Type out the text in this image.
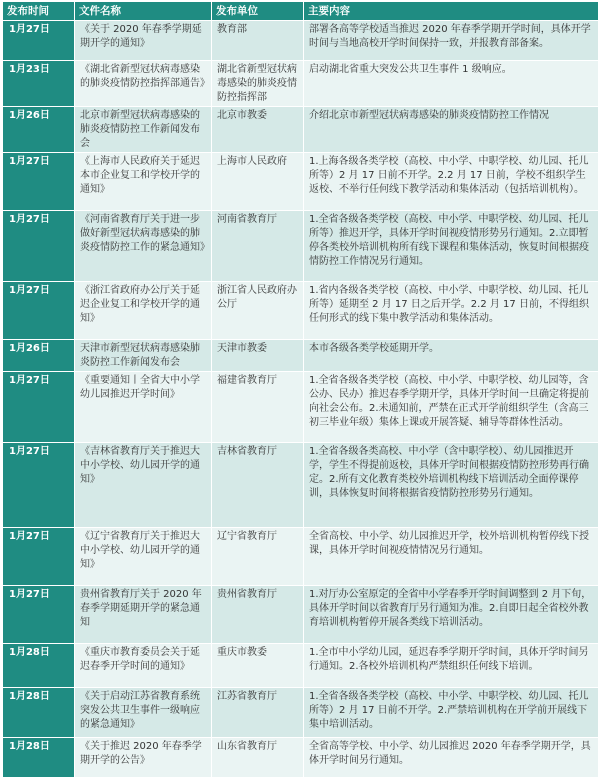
发布时间	文件名称	发布单位	主要内容
1月27日	《关于 2020 年春季学期延期开学的通知》	教育部	部署各高等学校适当推迟 2020 年春季学期开学时间，具体开学时间与当地高校开学时间保持一致，并报教育部备案。
1月23日	《湖北省新型冠状病毒感染的肺炎疫情防控指挥部通告》	湖北省新型冠状病毒感染的肺炎疫情防控指挥部	启动湖北省重大突发公共卫生事件 1 级响应。
1月26日	北京市新型冠状病毒感染的肺炎疫情防控工作新闻发布会	北京市教委	介绍北京市新型冠状病毒感染的肺炎疫情防控工作情况
1月27日	《上海市人民政府关于延迟本市企业复工和学校开学的通知》	上海市人民政府	1.上海各级各类学校（高校、中小学、中职学校、幼儿园、托儿所等）2 月 17 日前不开学。2.2 月 17 日前，学校不组织学生返校、不举行任何线下教学活动和集体活动（包括培训机构）。
1月27日	《河南省教育厅关于进一步做好新型冠状病毒感染的肺炎疫情防控工作的紧急通知》	河南省教育厅	1.全省各级各类学校（高校、中小学、中职学校、幼儿园、托儿所等）推迟开学，具体开学时间视疫情形势另行通知。2.立即暂停各类校外培训机构所有线下课程和集体活动，恢复时间根据疫情防控工作情况另行通知。
1月27日	《浙江省政府办公厅关于延迟企业复工和学校开学的通知》	浙江省人民政府办公厅	1.省内各级各类学校（高校、中小学、中职学校、幼儿园、托儿所等）延期至 2 月 17 日之后开学。2.2 月 17 日前，不得组织任何形式的线下集中教学活动和集体活动。
1月26日	天津市新型冠状病毒感染肺炎防控工作新闻发布会	天津市教委	本市各级各类学校延期开学。
1月27日	《重要通知丨全省大中小学幼儿园推迟开学时间》	福建省教育厅	1.全省各级各类学校（高校、中小学、中职学校、幼儿园等，含公办、民办）推迟春季学期开学，具体开学时间一旦确定将提前向社会公布。2.未通知前，严禁在正式开学前组织学生（含高三初三毕业年级）集体上课或开展答疑、辅导等群体性活动。
1月27日	《吉林省教育厅关于推迟大中小学校、幼儿园开学的通知》	吉林省教育厅	1.全省各级各类高校、中小学（含中职学校）、幼儿园推迟开学，学生不得提前返校，具体开学时间根据疫情防控形势再行确定。2.所有文化教育类校外培训机构线下培训活动全面停课停训，具体恢复时间将根据省疫情防控形势另行通知。
1月27日	《辽宁省教育厅关于推迟大中小学校、幼儿园开学的通知》	辽宁省教育厅	全省高校、中小学、幼儿园推迟开学，校外培训机构暂停线下授课，具体开学时间视疫情情况另行通知。
1月27日	贵州省教育厅关于 2020 年春季学期延期开学的紧急通知	贵州省教育厅	1.对厅办公室原定的全省中小学春季开学时间调整到 2 月下旬，具体开学时间以省教育厅另行通知为准。2.自即日起全省校外教育培训机构暂停开展各类线下培训活动。
1月28日	《重庆市教育委员会关于延迟春季开学时间的通知》	重庆市教委	1.全市中小学幼儿园，延迟春季学期开学时间，具体开学时间另行通知。2.各校外培训机构严禁组织任何线下培训。
1月28日	《关于启动江苏省教育系统突发公共卫生事件一级响应的紧急通知》	江苏省教育厅	1.全省各级各类学校（高校、中小学、中职学校、幼儿园、托儿所等）2 月 17 日前不开学。2.严禁培训机构在开学前开展线下集中培训活动。
1月28日	《关于推迟 2020 年春季学期开学的公告》	山东省教育厅	全省高等学校、中小学、幼儿园推迟 2020 年春季学期开学，具体开学时间另行通知。
